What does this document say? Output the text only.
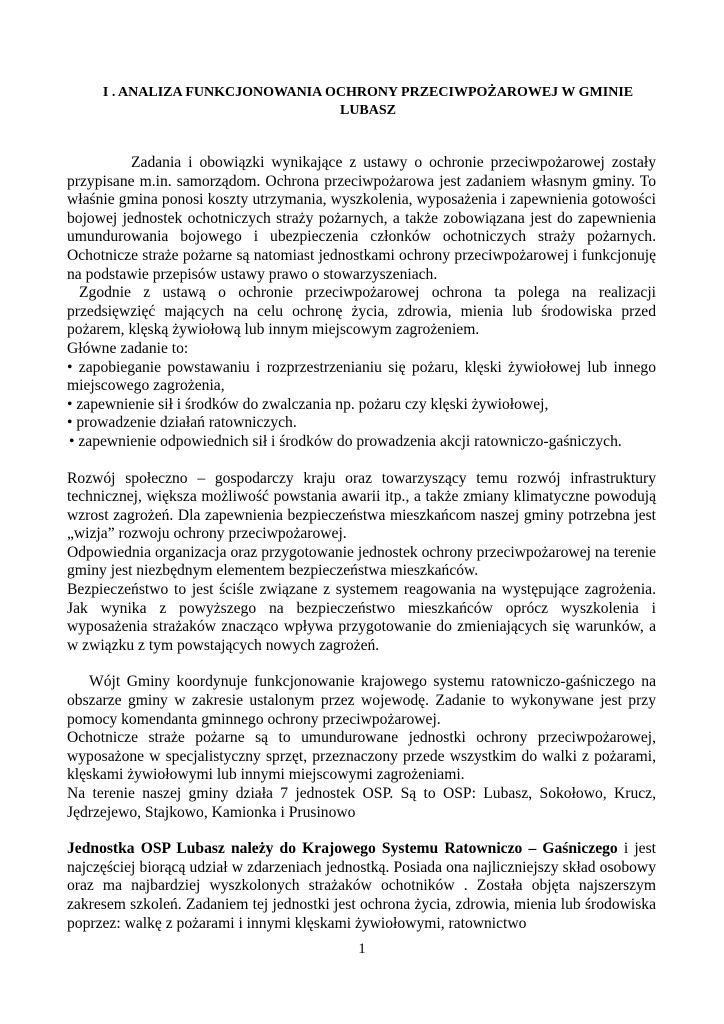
I . ANALIZA FUNKCJONOWANIA OCHRONY PRZECIWPOŻAROWEJ W GMINIE LUBASZ

Zadania i obowiązki wynikające z ustawy o ochronie przeciwpożarowej zostały przypisane m.in. samorządom. Ochrona przeciwpożarowa jest zadaniem własnym gminy. To właśnie gmina ponosi koszty utrzymania, wyszkolenia, wyposażenia i zapewnienia gotowości bojowej jednostek ochotniczych straży pożarnych, a także zobowiązana jest do zapewnienia umundurowania bojowego i ubezpieczenia członków ochotniczych straży pożarnych. Ochotnicze straże pożarne są natomiast jednostkami ochrony przeciwpożarowej i funkcjonuję na podstawie przepisów ustawy prawo o stowarzyszeniach.

Zgodnie z ustawą o ochronie przeciwpożarowej ochrona ta polega na realizacji przedsięwzięć mających na celu ochronę życia, zdrowia, mienia lub środowiska przed pożarem, klęską żywiołową lub innym miejscowym zagrożeniem.

Główne zadanie to:

• zapobieganie powstawaniu i rozprzestrzenianiu się pożaru, klęski żywiołowej lub innego miejscowego zagrożenia,

• zapewnienie sił i środków do zwalczania np. pożaru czy klęski żywiołowej,

• prowadzenie działań ratowniczych.

• zapewnienie odpowiednich sił i środków do prowadzenia akcji ratowniczo-gaśniczych.

Rozwój społeczno – gospodarczy kraju oraz towarzyszący temu rozwój infrastruktury technicznej, większa możliwość powstania awarii itp., a także zmiany klimatyczne powodują wzrost zagrożeń. Dla zapewnienia bezpieczeństwa mieszkańcom naszej gminy potrzebna jest „wizja” rozwoju ochrony przeciwpożarowej.

Odpowiednia organizacja oraz przygotowanie jednostek ochrony przeciwpożarowej na terenie gminy jest niezbędnym elementem bezpieczeństwa mieszkańców.

Bezpieczeństwo to jest ściśle związane z systemem reagowania na występujące zagrożenia. Jak wynika z powyższego na bezpieczeństwo mieszkańców oprócz wyszkolenia i wyposażenia strażaków znacząco wpływa przygotowanie do zmieniających się warunków, a w związku z tym powstających nowych zagrożeń.

Wójt Gminy koordynuje funkcjonowanie krajowego systemu ratowniczo-gaśniczego na obszarze gminy w zakresie ustalonym przez wojewodę. Zadanie to wykonywane jest przy pomocy komendanta gminnego ochrony przeciwpożarowej.

Ochotnicze straże pożarne są to umundurowane jednostki ochrony przeciwpożarowej, wyposażone w specjalistyczny sprzęt, przeznaczony przede wszystkim do walki z pożarami, klęskami żywiołowymi lub innymi miejscowymi zagrożeniami.

Na terenie naszej gminy działa 7 jednostek OSP. Są to OSP: Lubasz, Sokołowo, Krucz, Jędrzejewo, Stajkowo, Kamionka i Prusinowo

Jednostka OSP Lubasz należy do Krajowego Systemu Ratowniczo – Gaśniczego i jest najczęściej biorącą udział w zdarzeniach jednostką. Posiada ona najliczniejszy skład osobowy oraz ma najbardziej wyszkolonych strażaków ochotników . Została objęta najszerszym zakresem szkoleń. Zadaniem tej jednostki jest ochrona życia, zdrowia, mienia lub środowiska poprzez: walkę z pożarami i innymi klęskami żywiołowymi, ratownictwo

1
